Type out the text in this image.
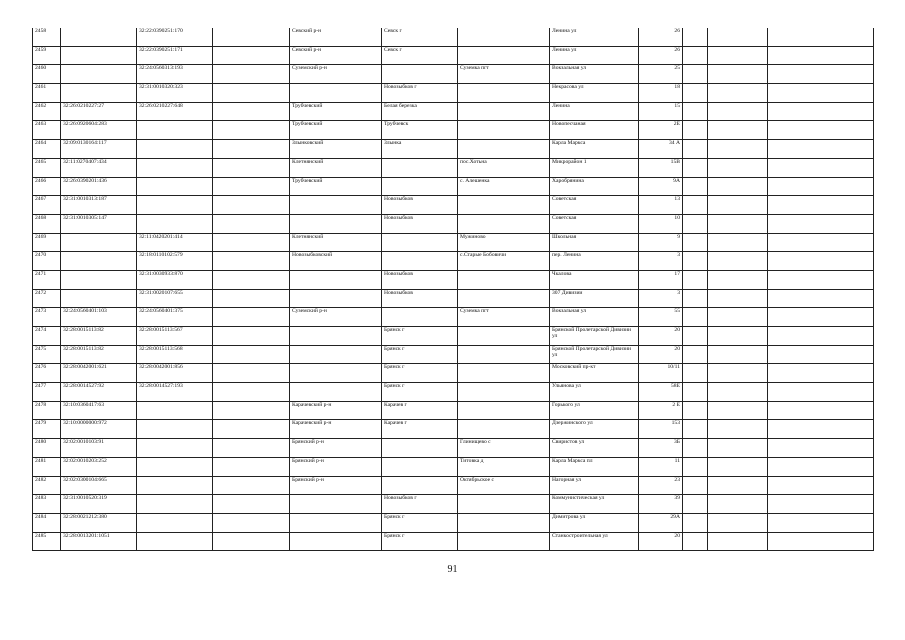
2458		32:22:0390251:170		Севский р-н	Севск г		Ленина ул	26			
2459		32:22:0390251:171		Севский р-н	Севск г		Ленина ул	26			
2460		32:24:0560313:193		Суземский р-н		Суземка пгт	Вокзальная ул	25			
2461		32:31:0010320:323			Новозыбков г		Некрасова ул	18			
2462	32:26:0210227:27	32:26:0210227:648		Трубчевский	Белая березка		Ленина	15			
2463	32:26:0920604:283			Трубчевский	Трубчевск		Новопесчаная	2Е			
2464	32:09:0130164:117			Злынковский	Злынка		Карла Маркса	34 А			
2465	32:11:0270407:434			Клетнянский		пос.Хотьна	Микрорайон 1	15В			
2466	32:26:0390201:436			Трубчевский		с. Алешенка	Харобрянина	9А			
2467	32:31:0010313:187				Новозыбков		Советская	13			
2468	32:31:0010305:147				Новозыбков		Советская	10			
2469		32:11:0420201:414		Клетнянский		Мужиново	Школьная	9			
2470		32:18:0110102:579		Новозыбковский		с.Старые Бобовичи	пер. Ленина	3			
2471		32:31:0030933:870			Новозыбков		Чкалова	17			
2472		32:31:0020107:655			Новозыбков		307 Дивизии	3			
2473	32:24:0560401:103	32:24:0560401:375		Суземский р-н		Суземка пгт	Вокзальная ул	55			
2474	32:28:0015113:82	32:28:0015113:567			Брянск г		Брянской Пролетарской Дивизии ул	20			
2475	32:28:0015113:82	32:28:0015113:568			Брянск г		Брянской Пролетарской Дивизии ул	20			
2476	32:28:0042001:621	32:28:0042001:856			Брянск г		Московский пр-кт	10/11			
2477	32:28:0014527:92	32:28:0014527:193			Брянск г		Ульянова ул	58Е			
2478	32:10:0360417:63			Карачевский р-н	Карачев г		Горького ул	2 Е			
2479	32:10:0000000:972			Карачевский р-н	Карачев г		Дзержинского ул	153			
2480	32:02:0010103:91			Брянский р-н		Глинищево с	Свиристов ул	3Б			
2481	32:02:0010203:252			Брянский р-н		Титовка д	Карла Маркса пл	11			
2482	32:02:0300104:665			Брянский р-н		Октябрьское с	Нагорная ул	23			
2483	32:31:0010520:319				Новозыбков г		Коммунистическая ул	39			
2484	32:28:0021212:380				Брянск г		Димитрова ул	29А			
2485	32:28:0013201:1051				Брянск г		Станкостроительная ул	20			
91
